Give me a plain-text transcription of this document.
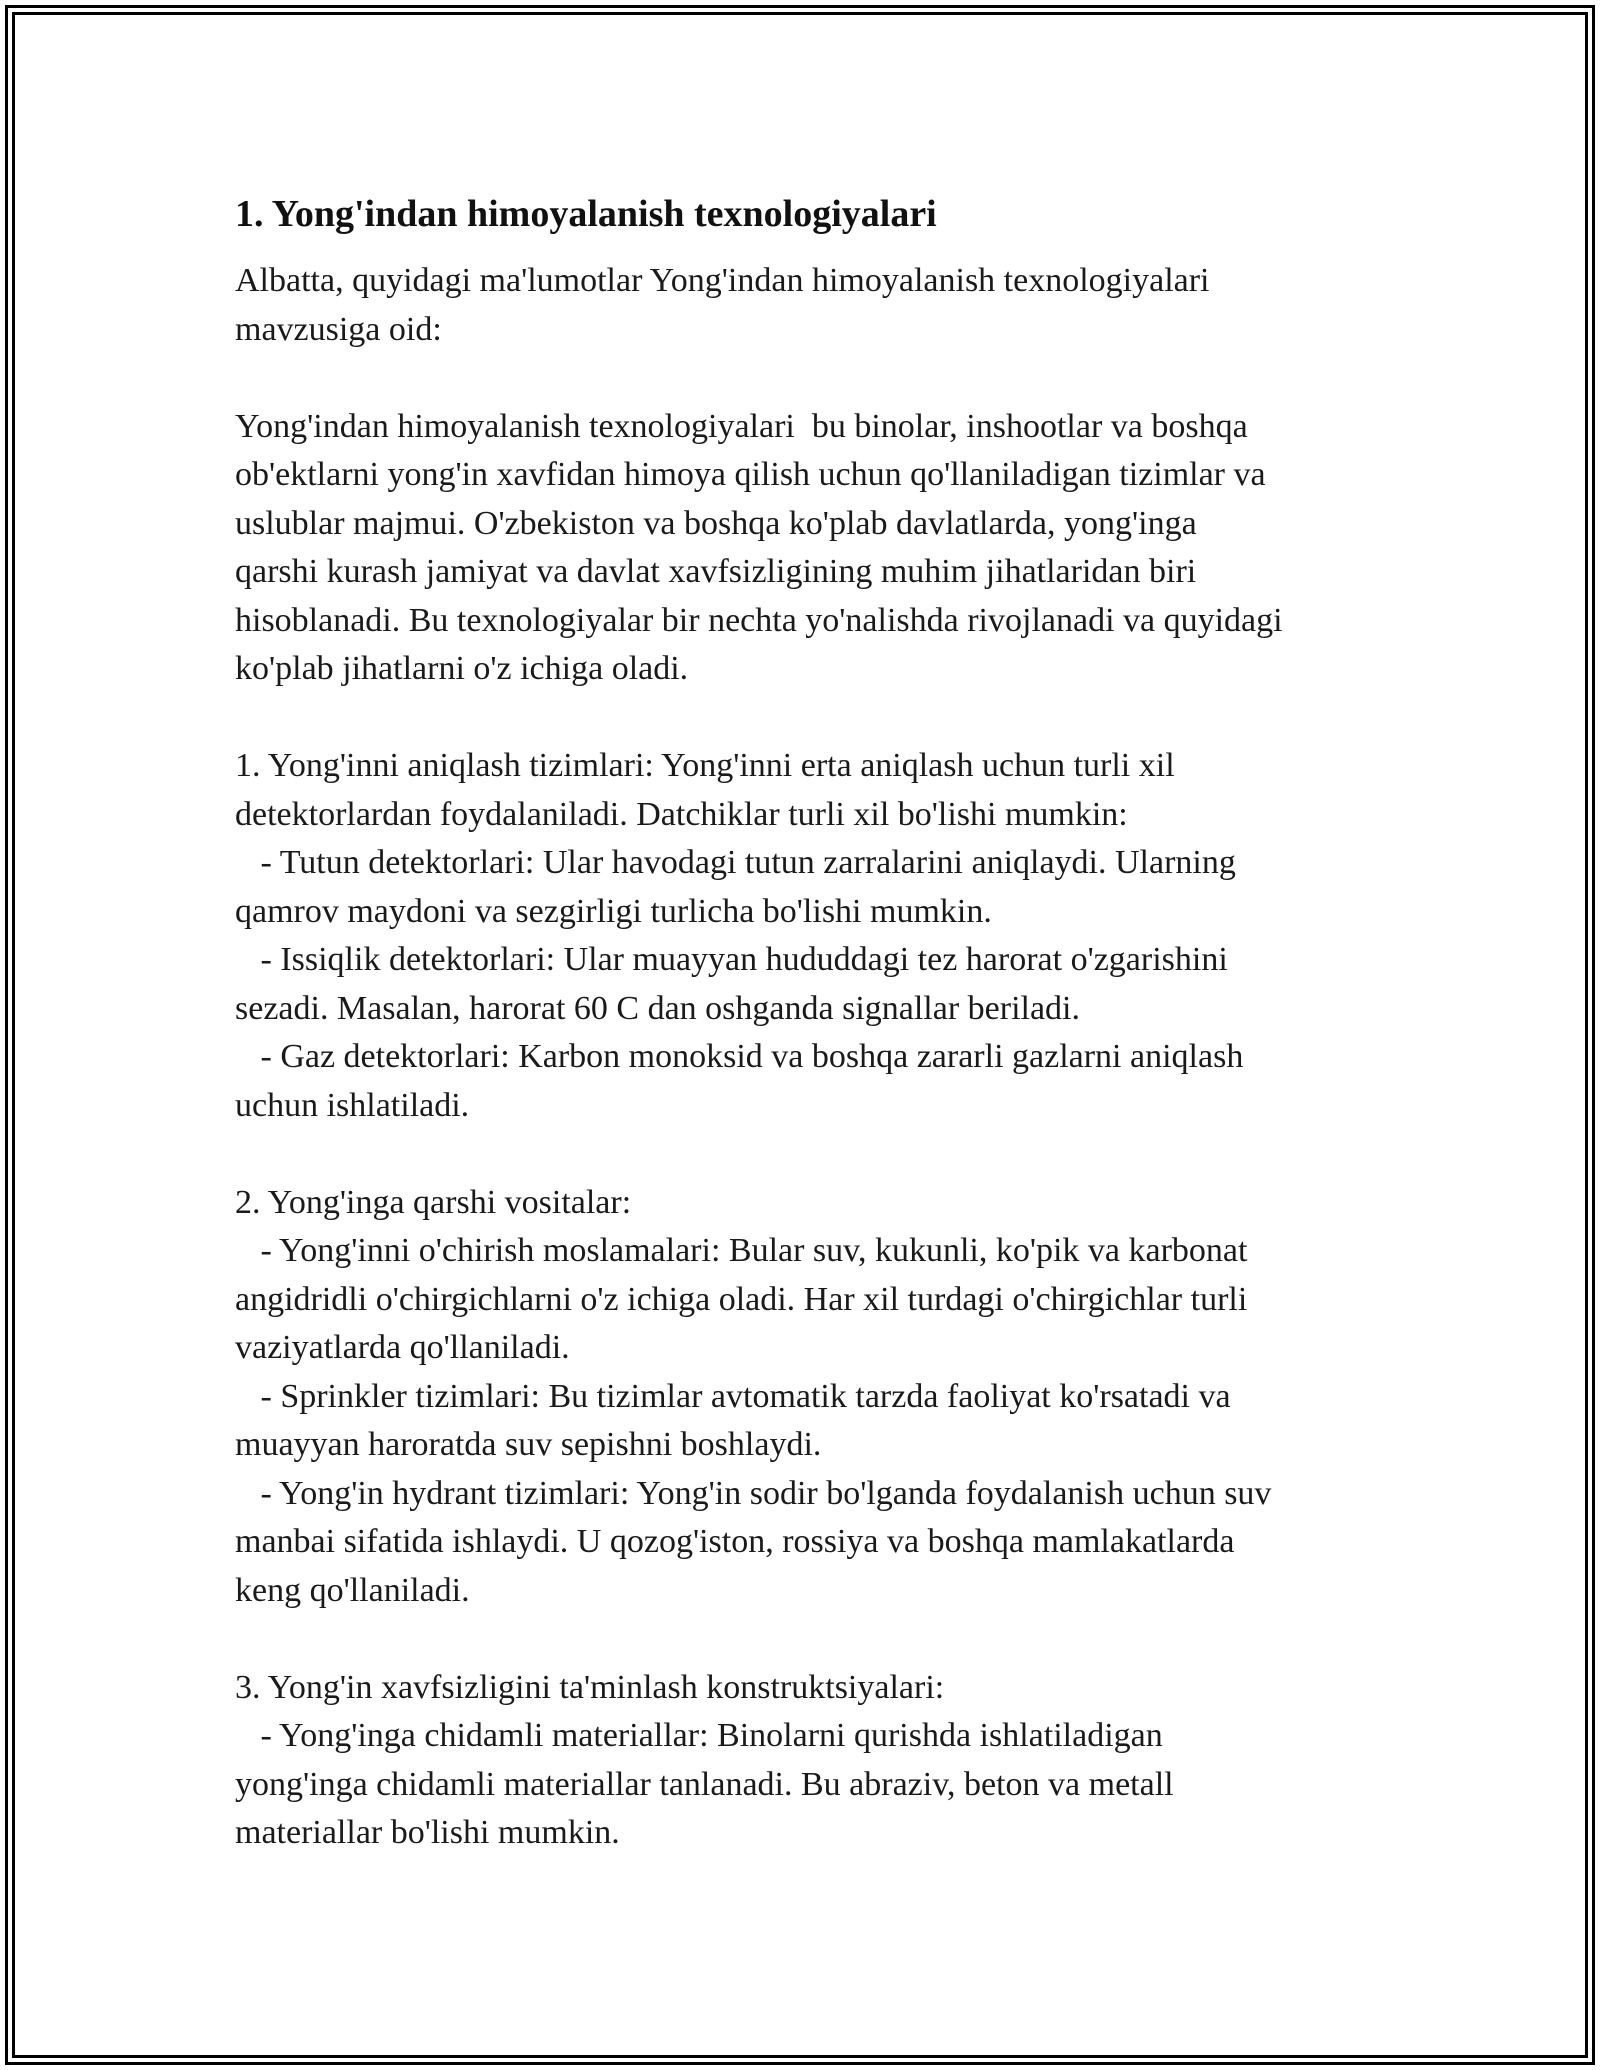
1. Yong'indan himoyalanish texnologiyalari
Albatta, quyidagi ma'lumotlar Yong'indan himoyalanish texnologiyalari
mavzusiga oid:
Yong'indan himoyalanish texnologiyalari  bu binolar, inshootlar va boshqa
ob'ektlarni yong'in xavfidan himoya qilish uchun qo'llaniladigan tizimlar va
uslublar majmui. O'zbekiston va boshqa ko'plab davlatlarda, yong'inga
qarshi kurash jamiyat va davlat xavfsizligining muhim jihatlaridan biri
hisoblanadi. Bu texnologiyalar bir nechta yo'nalishda rivojlanadi va quyidagi
ko'plab jihatlarni o'z ichiga oladi.
1. Yong'inni aniqlash tizimlari: Yong'inni erta aniqlash uchun turli xil
detektorlardan foydalaniladi. Datchiklar turli xil bo'lishi mumkin:
- Tutun detektorlari: Ular havodagi tutun zarralarini aniqlaydi. Ularning
qamrov maydoni va sezgirligi turlicha bo'lishi mumkin.
- Issiqlik detektorlari: Ular muayyan hududdagi tez harorat o'zgarishini
sezadi. Masalan, harorat 60 C dan oshganda signallar beriladi.
- Gaz detektorlari: Karbon monoksid va boshqa zararli gazlarni aniqlash
uchun ishlatiladi.
2. Yong'inga qarshi vositalar:
- Yong'inni o'chirish moslamalari: Bular suv, kukunli, ko'pik va karbonat
angidridli o'chirgichlarni o'z ichiga oladi. Har xil turdagi o'chirgichlar turli
vaziyatlarda qo'llaniladi.
- Sprinkler tizimlari: Bu tizimlar avtomatik tarzda faoliyat ko'rsatadi va
muayyan haroratda suv sepishni boshlaydi.
- Yong'in hydrant tizimlari: Yong'in sodir bo'lganda foydalanish uchun suv
manbai sifatida ishlaydi. U qozog'iston, rossiya va boshqa mamlakatlarda
keng qo'llaniladi.
3. Yong'in xavfsizligini ta'minlash konstruktsiyalari:
- Yong'inga chidamli materiallar: Binolarni qurishda ishlatiladigan
yong'inga chidamli materiallar tanlanadi. Bu abraziv, beton va metall
materiallar bo'lishi mumkin.
